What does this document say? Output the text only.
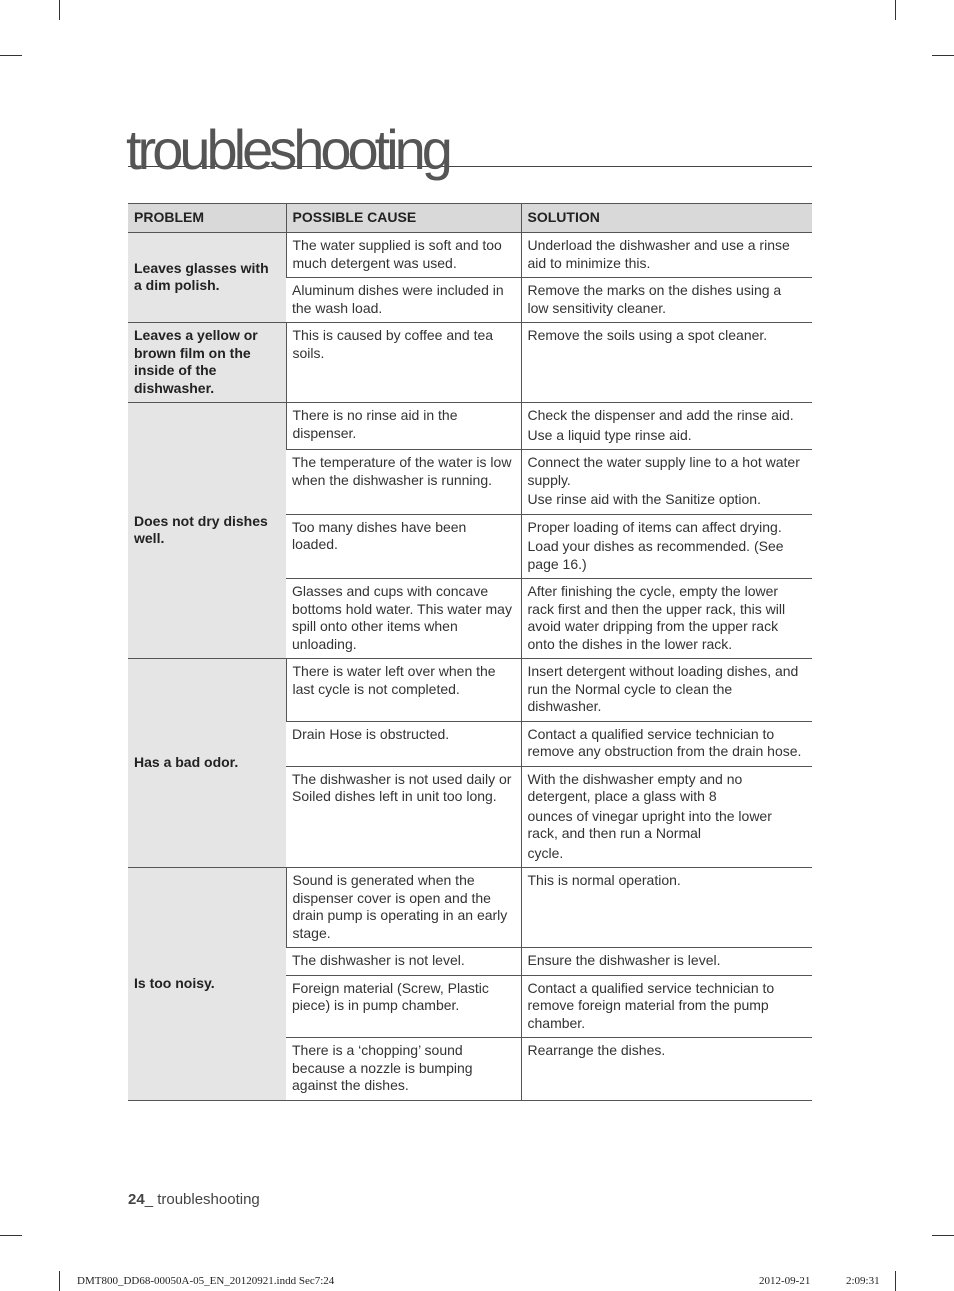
troubleshooting
PROBLEM	POSSIBLE CAUSE	SOLUTION
Leaves glasses with a dim polish.	The water supplied is soft and too much detergent was used.	Underload the dishwasher and use a rinse aid to minimize this.

	Aluminum dishes were included in the wash load.	Remove the marks on the dishes using a low sensitivity cleaner.

Leaves a yellow or brown film on the inside of the dishwasher.	This is caused by coffee and tea soils.	Remove the soils using a spot cleaner.

Does not dry dishes well.	There is no rinse aid in the dispenser.	Check the dispenser and add the rinse aid.
Use a liquid type rinse aid.

	The temperature of the water is low when the dishwasher is running.	Connect the water supply line to a hot water supply.
Use rinse aid with the Sanitize option.

	Too many dishes have been loaded.	Proper loading of items can affect drying.
Load your dishes as recommended. (See page 16.)

	Glasses and cups with concave bottoms hold water. This water may spill onto other items when unloading.	After finishing the cycle, empty the lower rack first and then the upper rack, this will avoid water dripping from the upper rack onto the dishes in the lower rack.

Has a bad odor.	There is water left over when the last cycle is not completed.	Insert detergent without loading dishes, and run the Normal cycle to clean the dishwasher.

	Drain Hose is obstructed.	Contact a qualified service technician to remove any obstruction from the drain hose.

	The dishwasher is not used daily or Soiled dishes left in unit too long.	With the dishwasher empty and no detergent, place a glass with 8
ounces of vinegar upright into the lower rack, and then run a Normal
cycle.

Is too noisy.	Sound is generated when the dispenser cover is open and the drain pump is operating in an early stage.	This is normal operation.

	The dishwasher is not level.	Ensure the dishwasher is level.

	Foreign material (Screw, Plastic piece) is in pump chamber.	Contact a qualified service technician to remove foreign material from the pump chamber.

	There is a ‘chopping’ sound because a nozzle is bumping against the dishes.	Rearrange the dishes.
24_ troubleshooting
DMT800_DD68-00050A-05_EN_20120921.indd Sec7:24	2012-09-21	2:09:31
